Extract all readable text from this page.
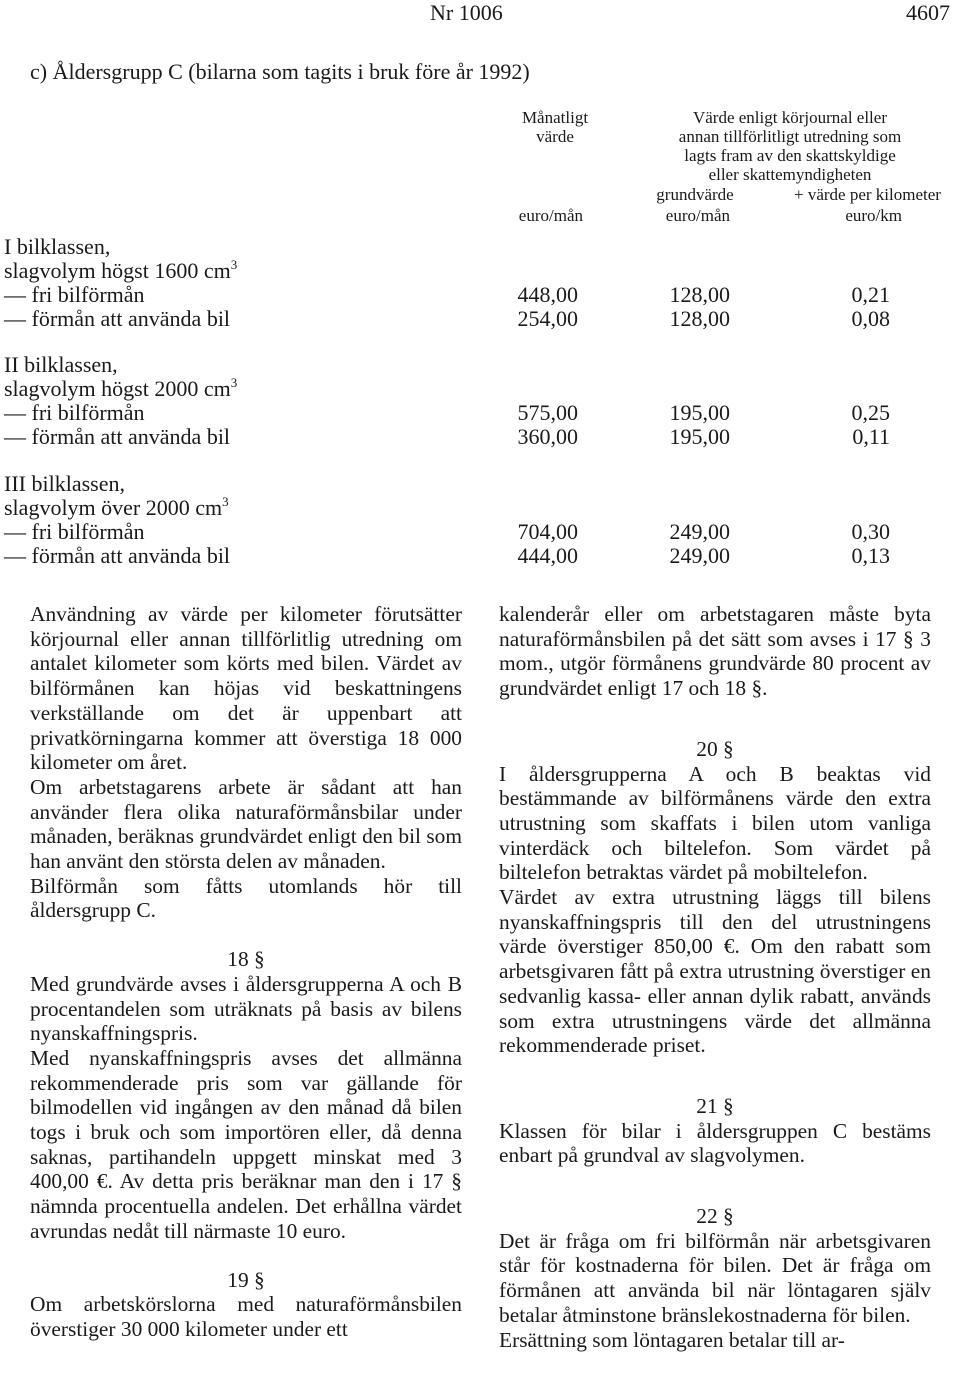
Nr 1006	4607
c) Åldersgrupp C (bilarna som tagits i bruk före år 1992)
Månatligt
värde
Värde enligt körjournal eller
annan tillförlitligt utredning som
lagts fram av den skattskyldige
eller skattemyndigheten
grundvärde	+ värde per kilometer
euro/mån	euro/mån	euro/km
I bilklassen,
slagvolym högst 1600 $cm^3$
— fri bilförmån	448,00	128,00	0,21
— förmån att använda bil	254,00	128,00	0,08
II bilklassen,
slagvolym högst 2000 $cm^3$
— fri bilförmån	575,00	195,00	0,25
— förmån att använda bil	360,00	195,00	0,11
III bilklassen,
slagvolym över 2000 $cm^3$
— fri bilförmån	704,00	249,00	0,30
— förmån att använda bil	444,00	249,00	0,13

Användning av värde per kilometer förutsätter körjournal eller annan tillförlitlig utredning om antalet kilometer som körts med bilen. Värdet av bilförmånen kan höjas vid beskattningens verkställande om det är uppenbart att privatkörningarna kommer att överstiga 18 000 kilometer om året.

Om arbetstagarens arbete är sådant att han använder flera olika naturaförmånsbilar under månaden, beräknas grundvärdet enligt den bil som han använt den största delen av månaden.

Bilförmån som fåtts utomlands hör till åldersgrupp C.

18 §

Med grundvärde avses i åldersgrupperna A och B procentandelen som uträknats på basis av bilens nyanskaffningspris.

Med nyanskaffningspris avses det allmänna rekommenderade pris som var gällande för bilmodellen vid ingången av den månad då bilen togs i bruk och som importören eller, då denna saknas, partihandeln uppgett minskat med 3 400,00 €. Av detta pris beräknar man den i 17 § nämnda procentuella andelen. Det erhållna värdet avrundas nedåt till närmaste 10 euro.

19 §

Om arbetskörslorna med naturaförmånsbilen överstiger 30 000 kilometer under ett

kalenderår eller om arbetstagaren måste byta naturaförmånsbilen på det sätt som avses i 17 § 3 mom., utgör förmånens grundvärde 80 procent av grundvärdet enligt 17 och 18 §.

20 §

I åldersgrupperna A och B beaktas vid bestämmande av bilförmånens värde den extra utrustning som skaffats i bilen utom vanliga vinterdäck och biltelefon. Som värdet på biltelefon betraktas värdet på mobiltelefon.

Värdet av extra utrustning läggs till bilens nyanskaffningspris till den del utrustningens värde överstiger 850,00 €. Om den rabatt som arbetsgivaren fått på extra utrustning överstiger en sedvanlig kassa- eller annan dylik rabatt, används som extra utrustningens värde det allmänna rekommenderade priset.

21 §

Klassen för bilar i åldersgruppen C bestäms enbart på grundval av slagvolymen.

22 §

Det är fråga om fri bilförmån när arbetsgivaren står för kostnaderna för bilen. Det är fråga om förmånen att använda bil när löntagaren själv betalar åtminstone bränslekostnaderna för bilen.

Ersättning som löntagaren betalar till ar-
